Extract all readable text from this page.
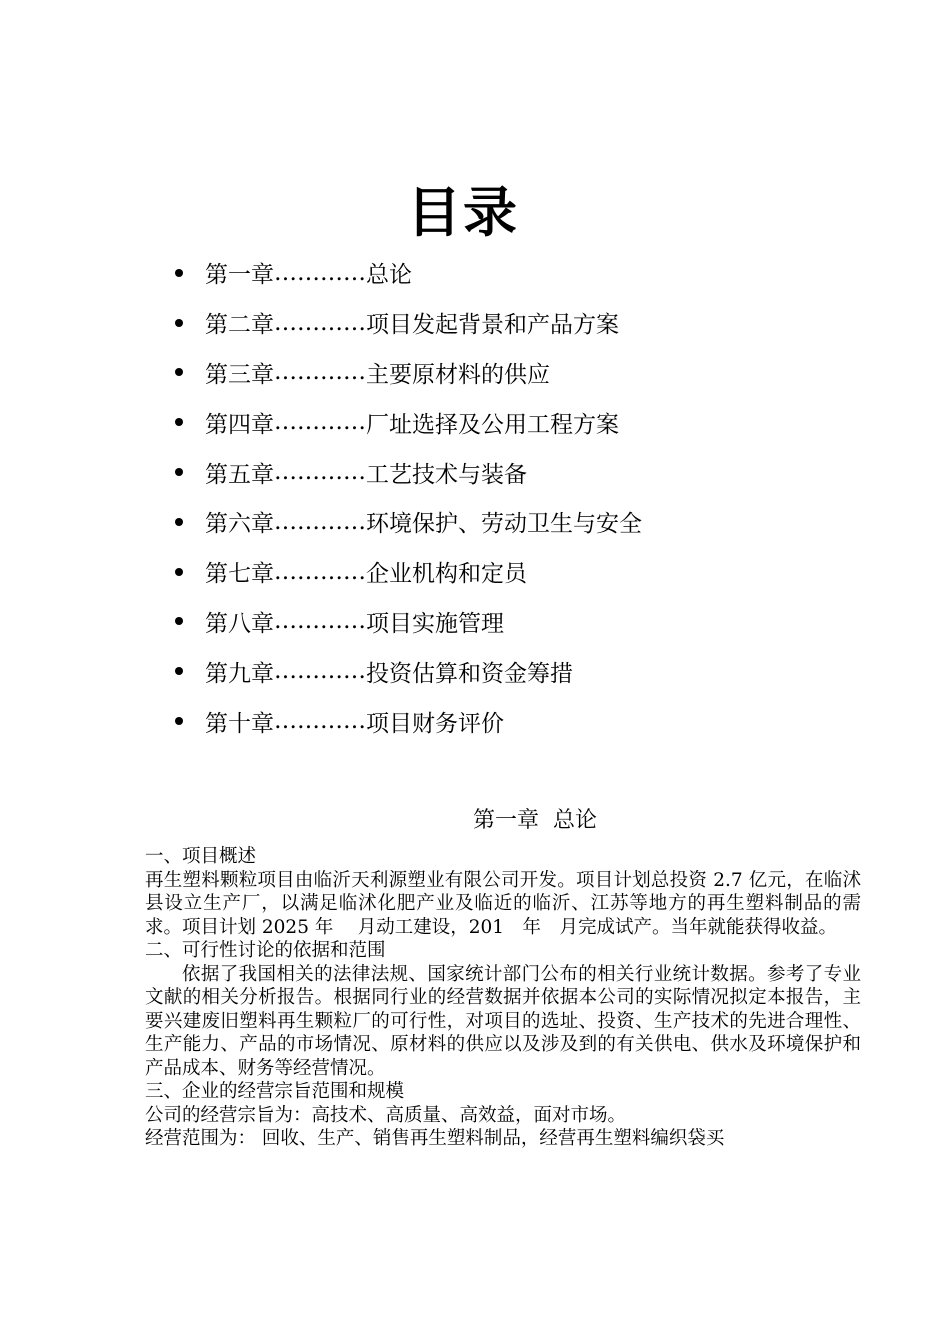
目录
第一章 ………… 总论
第二章 ………… 项目发起背景和产品方案
第三章 ………… 主要原材料的供应
第四章 ………… 厂址选择及公用工程方案
第五章 ………… 工艺技术与装备
第六章 ………… 环境保护、劳动卫生与安全
第七章 ………… 企业机构和定员
第八章 ………… 项目实施管理
第九章 ………… 投资估算和资金筹措
第十章 ………… 项目财务评价
第一章  总论

一、项目概述

再生塑料颗粒项目由临沂天利源塑业有限公司开发。项目计划总投资 2.7 亿元，在临沭县设立生产厂，以满足临沭化肥产业及临近的临沂、江苏等地方的再生塑料制品的需求。项目计划 2025 年　 月动工建设，201　年　月完成试产。当年就能获得收益。

二、可行性讨论的依据和范围

依据了我国相关的法律法规、国家统计部门公布的相关行业统计数据。参考了专业文献的相关分析报告。根据同行业的经营数据并依据本公司的实际情况拟定本报告，主要兴建废旧塑料再生颗粒厂的可行性，对项目的选址、投资、生产技术的先进合理性、生产能力、产品的市场情况、原材料的供应以及涉及到的有关供电、供水及环境保护和产品成本、财务等经营情况。

三、企业的经营宗旨范围和规模

公司的经营宗旨为：高技术、高质量、高效益，面对市场。

经营范围为： 回收、生产、销售再生塑料制品，经营再生塑料编织袋买
